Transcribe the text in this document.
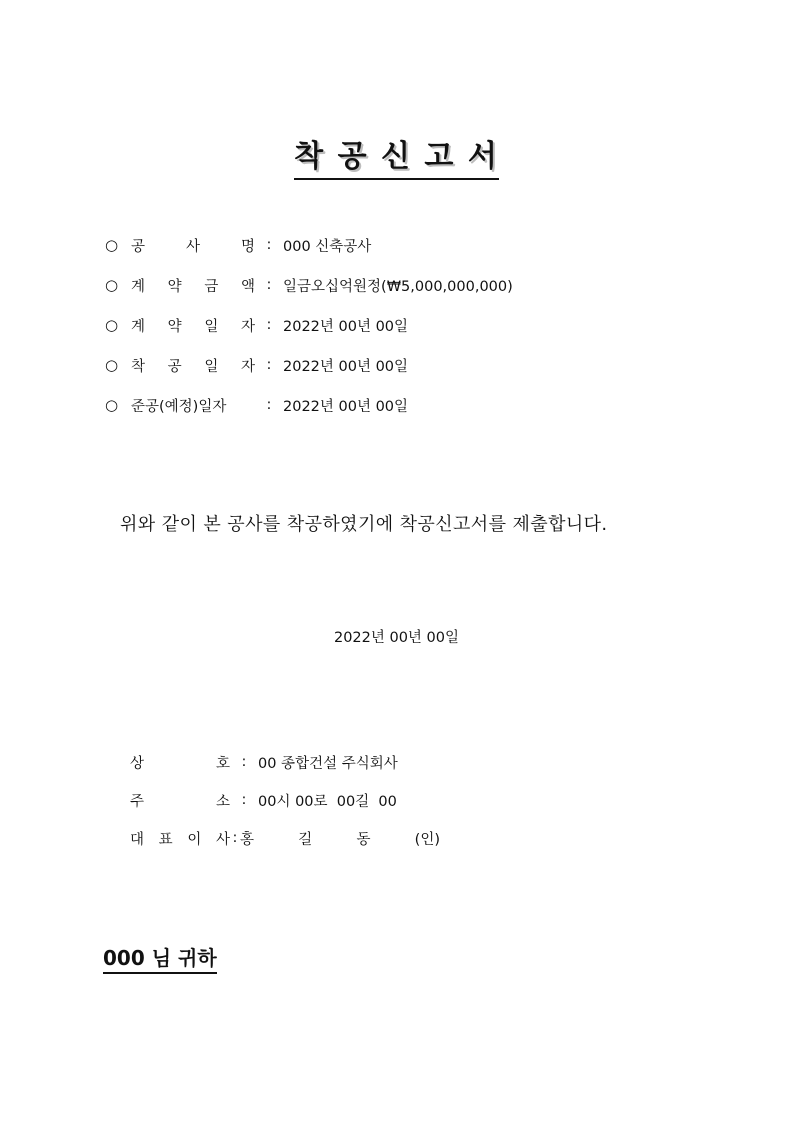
착 공 신 고 서
○ 공	사	명 : 000 신축공사
○ 계 약 금 액 : 일금오십억원정(₩5,000,000,000)
○ 계 약 일 자 : 2022년 00년 00일
○ 착 공 일 자 : 2022년 00년 00일
○ 준공(예정)일자	: 2022년 00년 00일
위와 같이 본 공사를 착공하였기에 착공신고서를 제출합니다.
2022년 00년 00일
상	호 : 00 종합건설 주식회사
주	소 : 00시 00로  00길  00
대 표 이 사 : 홍	길	동	(인)
000 님 귀하
